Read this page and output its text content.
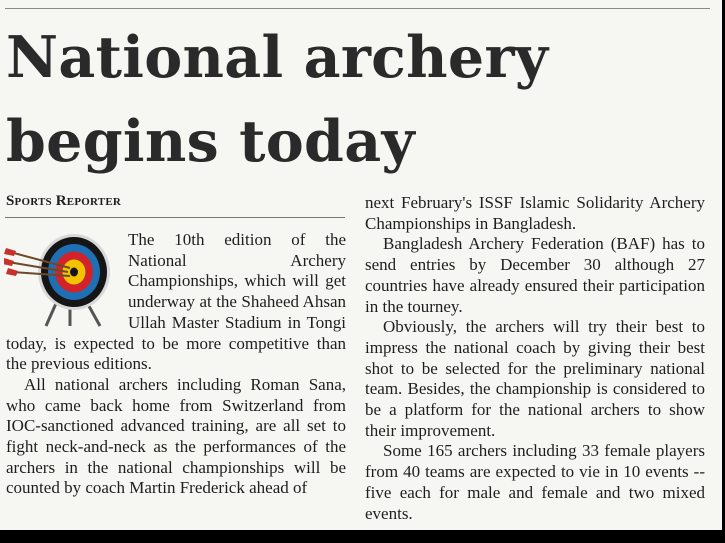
National archery
begins today
Sports Reporter

The 10th edition of the National Archery Championships, which will get underway at the Shaheed Ahsan Ullah Master Stadium in Tongi today, is expected to be more competitive than the previous editions.

All national archers including Roman Sana, who came back home from Switzerland from IOC-sanctioned advanced training, are all set to fight neck-and-neck as the performances of the archers in the national championships will be counted by coach Martin Frederick ahead of

next February's ISSF Islamic Solidarity Archery Championships in Bangladesh.

Bangladesh Archery Federation (BAF) has to send entries by December 30 although 27 countries have already ensured their participation in the tourney.

Obviously, the archers will try their best to impress the national coach by giving their best shot to be selected for the preliminary national team. Besides, the championship is considered to be a platform for the national archers to show their improvement.

Some 165 archers including 33 female players from 40 teams are expected to vie in 10 events -- five each for male and female and two mixed events.
